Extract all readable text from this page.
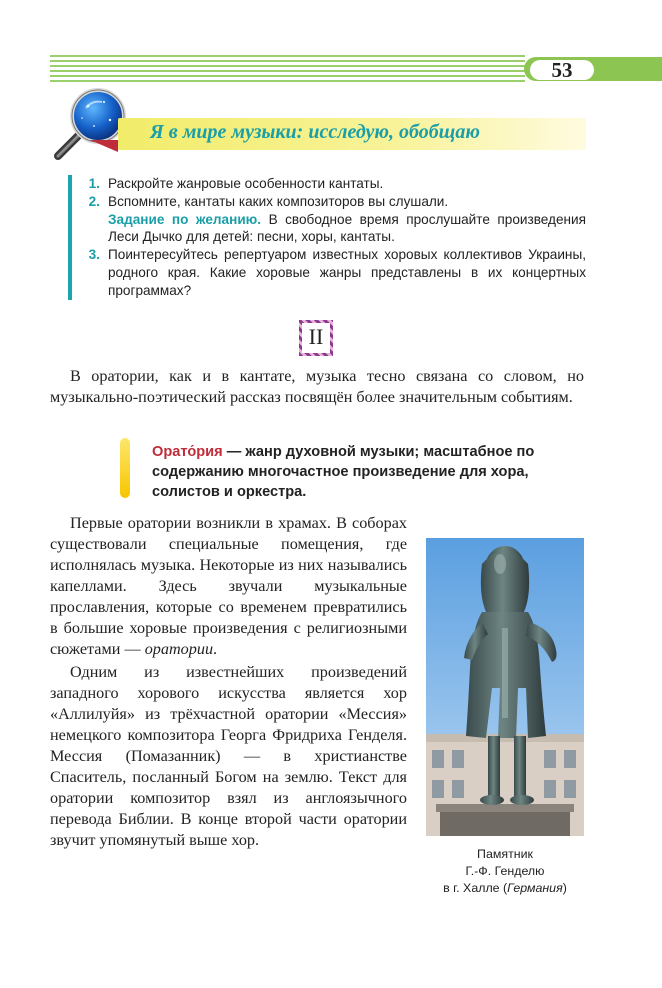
53
Я в мире музыки: исследую, обобщаю
1. Раскройте жанровые особенности кантаты.
2. Вспомните, кантаты каких композиторов вы слушали.
Задание по желанию. В свободное время прослушайте произведения Леси Дычко для детей: песни, хоры, кантаты.
3. Поинтересуйтесь репертуаром известных хоровых коллективов Украины, родного края. Какие хоровые жанры представлены в их концертных программах?
II

В оратории, как и в кантате, музыка тесно связана со словом, но музыкально-поэтический рассказ посвящён более значительным событиям.

Орато́рия — жанр духовной музыки; масштабное по содержанию многочастное произведение для хора, солистов и оркестра.

Первые оратории возникли в храмах. В соборах существовали специальные помещения, где исполнялась музыка. Некоторые из них назывались капеллами. Здесь звучали музыкальные прославления, которые со временем превратились в большие хоровые произведения с религиозными сюжетами — оратории.

Одним из известнейших произведений западного хорового искусства является хор «Аллилуйя» из трёхчастной оратории «Мессия» немецкого композитора Георга Фридриха Генделя. Мессия (Помазанник) — в христианстве Спаситель, посланный Богом на землю. Текст для оратории композитор взял из англоязычного перевода Библии. В конце второй части оратории звучит упомянутый выше хор.

Памятник
Г.-Ф. Генделю
в г. Халле (Германия)
